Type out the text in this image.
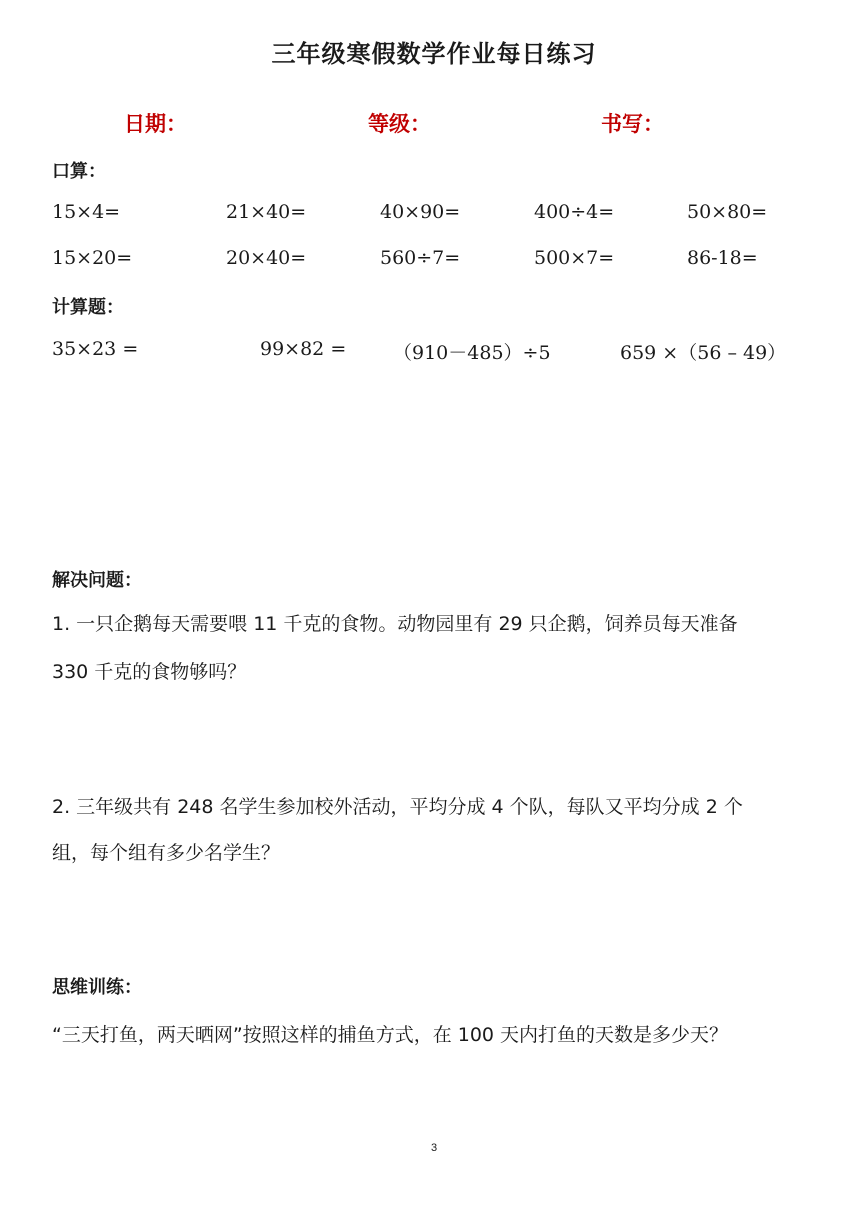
三年级寒假数学作业每日练习
日期：	等级：	书写：
口算：
15×4=	21×40=	40×90=	400÷4=	50×80=
15×20=	20×40=	560÷7=	500×7=	86-18=
计算题：
35×23 =	99×82 = （910－485）÷5	659 ×（56 – 49）
解决问题：
1. 一只企鹅每天需要喂 11 千克的食物。动物园里有 29 只企鹅，饲养员每天准备
330 千克的食物够吗？
2. 三年级共有 248 名学生参加校外活动，平均分成 4 个队，每队又平均分成 2 个
组，每个组有多少名学生？
思维训练：
“三天打鱼，两天晒网”按照这样的捕鱼方式，在 100 天内打鱼的天数是多少天？
3
